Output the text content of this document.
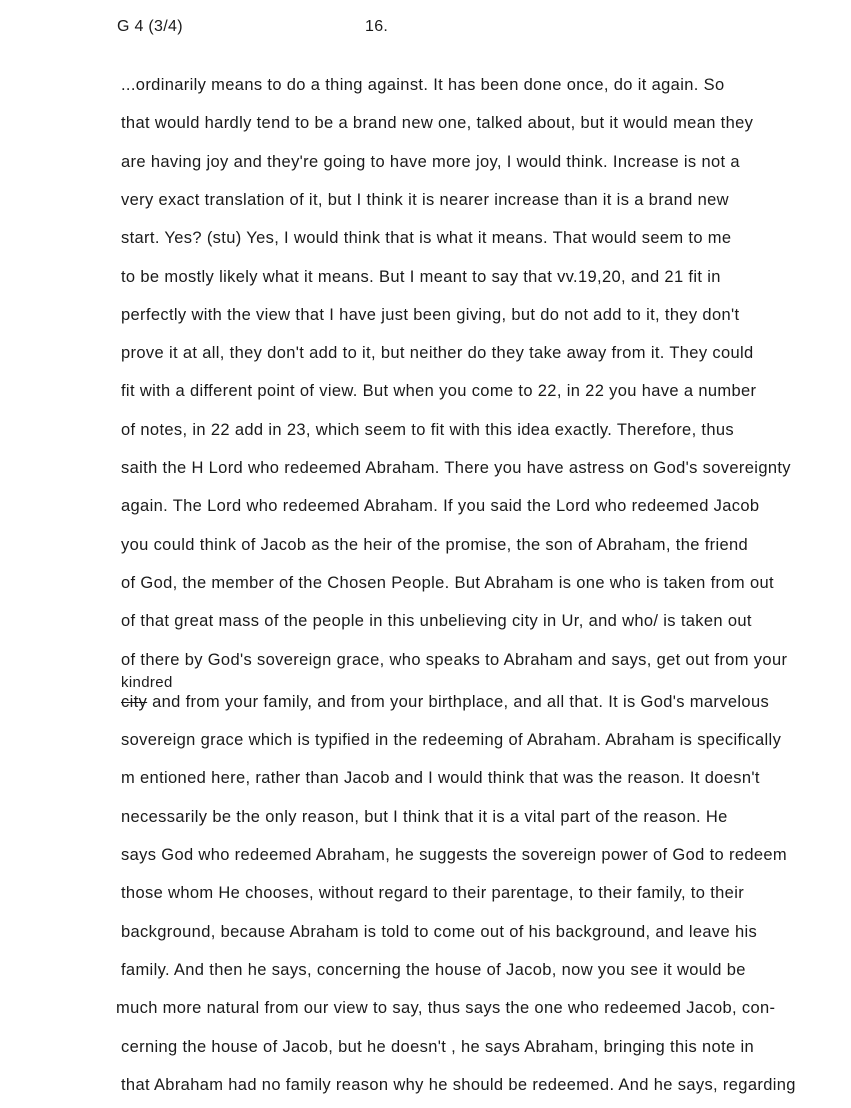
G 4 (3/4)	16.
...ordinarily means to do a thing against. It has been done once, do it again. So
that would hardly tend to be a brand new one, talked about, but it would mean they
are having joy and they're going to have more joy, I would think. Increase is not a
very exact translation of it, but I think it is nearer increase than it is a brand new
start. Yes? (stu) Yes, I would think that is what it means. That would seem to me
to be mostly likely what it means. But I meant to say that vv.19,20, and 21 fit in
perfectly with the view that I have just been giving, but do not add to it, they don't
prove it at all, they don't add to it, but neither do they take away from it. They could
fit with a different point of view. But when you come to 22, in 22 you have a number
of notes, in 22 add in 23, which seem to fit with this idea exactly. Therefore, thus
saith the H Lord who redeemed Abraham. There you have astress on God's sovereignty
again. The Lord who redeemed Abraham. If you said the Lord who redeemed Jacob
you could think of Jacob as the heir of the promise, the son of Abraham, the friend
of God, the member of the Chosen People. But Abraham is one who is taken from out
of that great mass of the people in this unbelieving city in Ur, and who/ is taken out
of there by God's sovereign grace, who speaks to Abraham and says, get out from your
city
kindred
and from your family, and from your birthplace, and all that. It is God's marvelous
sovereign grace which is typified in the redeeming of Abraham. Abraham is specifically
m entioned here, rather than Jacob and I would think that was the reason. It doesn't
necessarily be the only reason, but I think that it is a vital part of the reason. He
says God who redeemed Abraham, he suggests the sovereign power of God to redeem
those whom He chooses, without regard to their parentage, to their family, to their
background, because Abraham is told to come out of his background, and leave his
family. And then he says, concerning the house of Jacob, now you see it would be
much more natural from our view to say, thus says the one who redeemed Jacob, con-
cerning the house of Jacob, but he doesn't , he says Abraham, bringing this note in
that Abraham had no family reason why he should be redeemed. And he says, regarding
